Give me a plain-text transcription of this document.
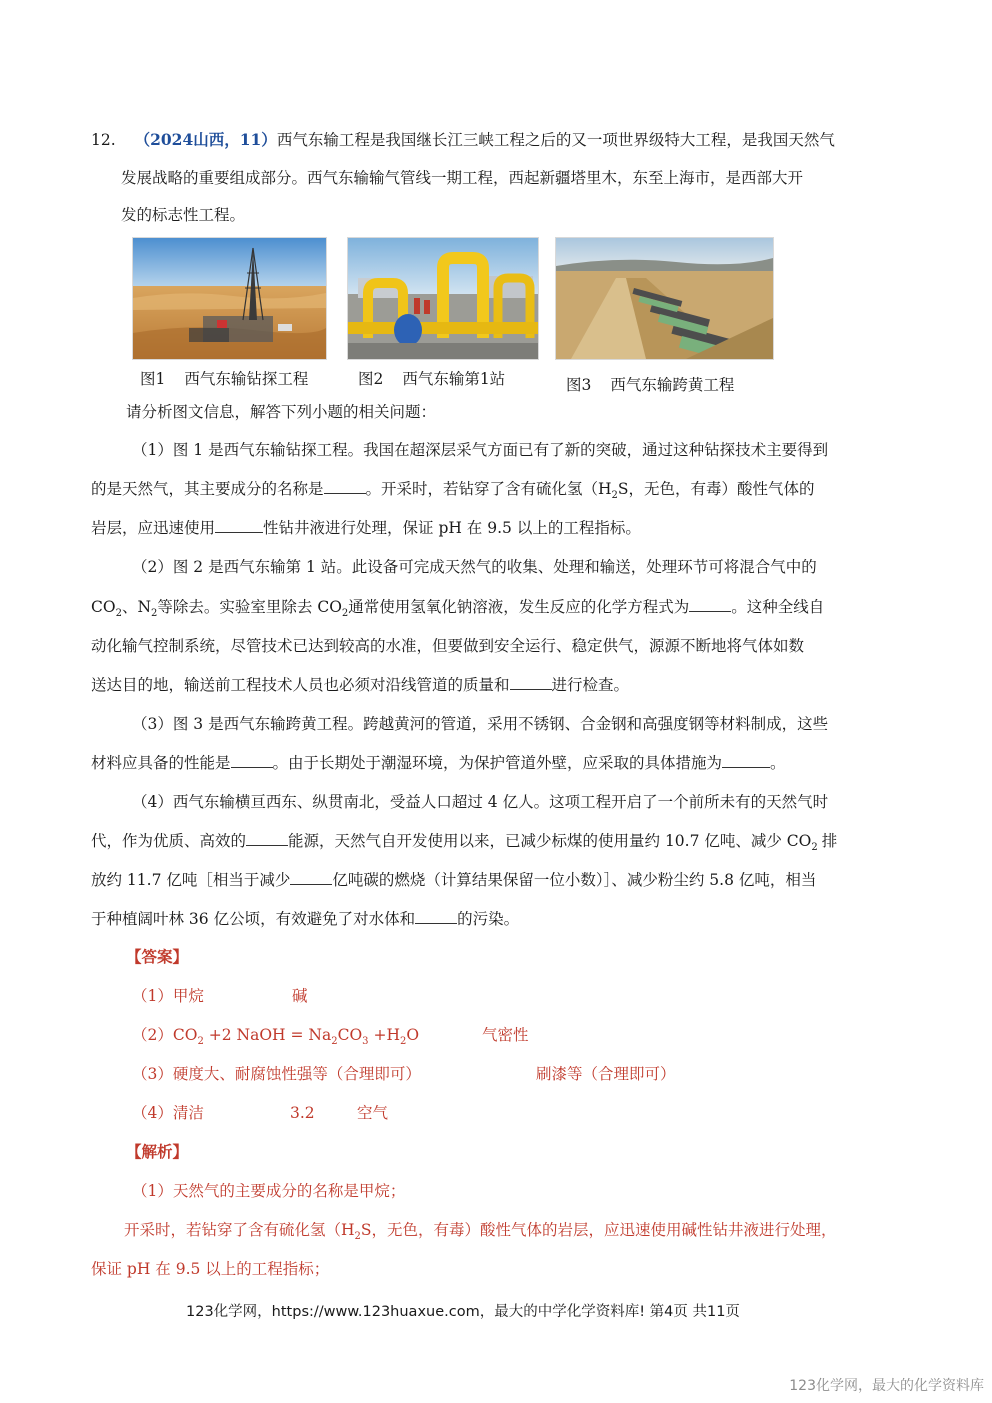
12. （2024山西，11）西气东输工程是我国继长江三峡工程之后的又一项世界级特大工程，是我国天然气
发展战略的重要组成部分。西气东输输气管线一期工程，西起新疆塔里木，东至上海市，是西部大开
发的标志性工程。
图1 西气东输钻探工程	图2 西气东输第1站	图3 西气东输跨黄工程
请分析图文信息，解答下列小题的相关问题：
（1）图 1 是西气东输钻探工程。我国在超深层采气方面已有了新的突破，通过这种钻探技术主要得到
的是天然气，其主要成分的名称是	。开采时，若钻穿了含有硫化氢（$H_2S$，无色，有毒）酸性气体的
岩层，应迅速使用	性钻井液进行处理，保证 pH 在 9.5 以上的工程指标。
（2）图 2 是西气东输第 1 站。此设备可完成天然气的收集、处理和输送，处理环节可将混合气中的
$CO_2$、$N_2$等除去。实验室里除去 $CO_2$通常使用氢氧化钠溶液，发生反应的化学方程式为	。这种全线自
动化输气控制系统，尽管技术已达到较高的水准，但要做到安全运行、稳定供气，源源不断地将气体如数
送达目的地，输送前工程技术人员也必须对沿线管道的质量和	进行检查。
（3）图 3 是西气东输跨黄工程。跨越黄河的管道，采用不锈钢、合金钢和高强度钢等材料制成，这些
材料应具备的性能是	。由于长期处于潮湿环境，为保护管道外壁，应采取的具体措施为	。
（4）西气东输横亘西东、纵贯南北，受益人口超过 4 亿人。这项工程开启了一个前所未有的天然气时
代，作为优质、高效的	能源，天然气自开发使用以来，已减少标煤的使用量约 10.7 亿吨、减少 $CO_2$ 排
放约 11.7 亿吨［相当于减少	亿吨碳的燃烧（计算结果保留一位小数）］、减少粉尘约 5.8 亿吨，相当
于种植阔叶林 36 亿公顷，有效避免了对水体和	的污染。
【答案】
（1）甲烷	碱
$(2)CO_2 +2$ NaOH = $Na_2CO_3 +H_2O$	气密性
（3）硬度大、耐腐蚀性强等（合理即可）	刷漆等（合理即可）
（4）清洁	3.2	空气
【解析】
（1）天然气的主要成分的名称是甲烷；
开采时，若钻穿了含有硫化氢（$H_2S$，无色，有毒）酸性气体的岩层，应迅速使用碱性钻井液进行处理，
保证 pH 在 9.5 以上的工程指标；
123化学网，https://www.123huaxue.com，最大的中学化学资料库! 第4页 共11页
123化学网，最大的化学资料库
